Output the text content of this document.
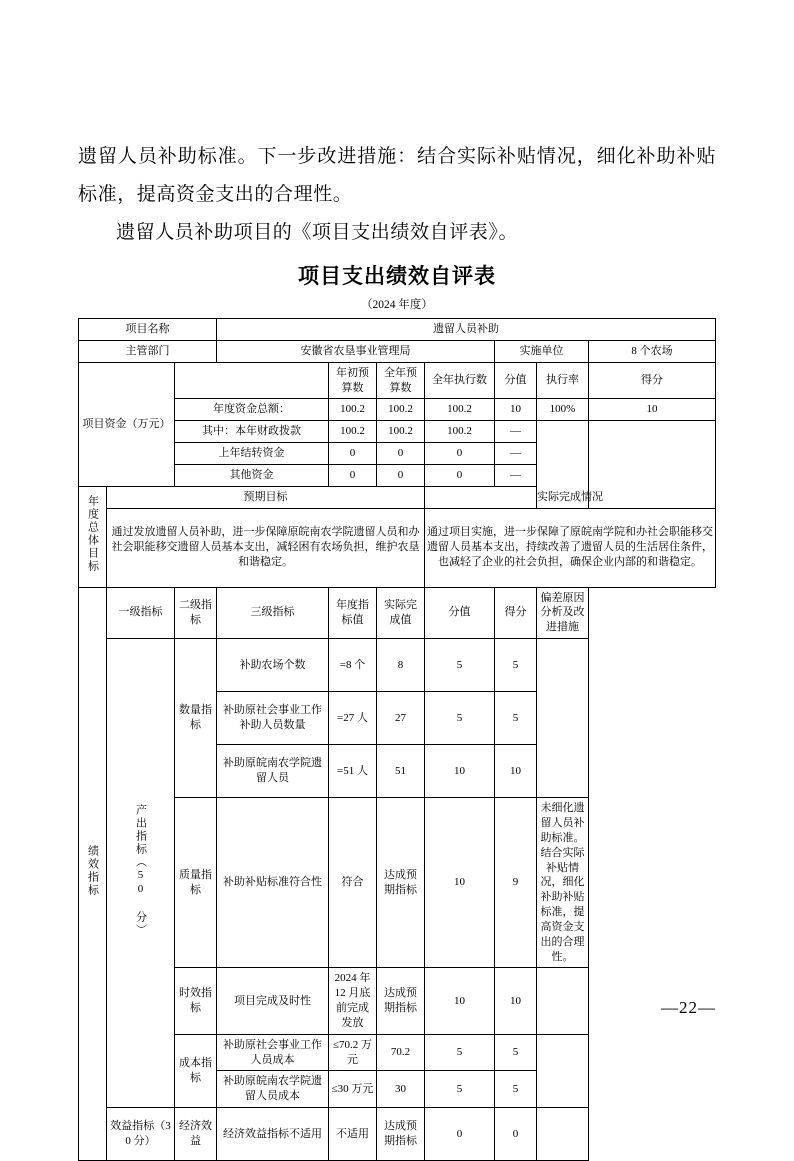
遗留人员补助标准。下一步改进措施：结合实际补贴情况，细化补助补贴标准，提高资金支出的合理性。
遗留人员补助项目的《项目支出绩效自评表》。
项目支出绩效自评表
（2024 年度）
项目名称			遗留人员补助						
主管部门			安徽省农垦事业管理局				实施单位		8 个农场
项目资金（万元）				年初预算数	全年预算数	全年执行数	分值	执行率	得分
		年度资金总额：		100.2	100.2	100.2	10	100%	10
		其中：本年财政拨款		100.2	100.2	100.2	—		
		上年结转资金		0	0	0	—		
		其他资金		0	0	0	—		
年度总体目标	预期目标					实际完成情况			
	通过发放遗留人员补助，进一步保障原皖南农学院遗留人员和办社会职能移交遗留人员基本支出，减轻困有农场负担，维护农垦和谐稳定。					通过项目实施，进一步保障了原皖南学院和办社会职能移交遗留人员基本支出，持续改善了遗留人员的生活居住条件，也减轻了企业的社会负担，确保企业内部的和谐稳定。			
绩效指标	一级指标	二级指标	三级指标	年度指标值	实际完成值	分值	得分	偏差原因分析及改进措施	
	产出指标（50 分）	数量指标	补助农场个数	=8 个	8	5	5		
			补助原社会事业工作补助人员数量	=27 人	27	5	5		
			补助原皖南农学院遗留人员	=51 人	51	10	10		
		质量指标	补助补贴标准符合性	符合	达成预期指标	10	9	未细化遗留人员补助标准。结合实际补贴情况，细化补助补贴标准，提高资金支出的合理性。	
		时效指标	项目完成及时性	2024 年 12 月底前完成发放	达成预期指标	10	10		
		成本指标	补助原社会事业工作人员成本	≤70.2 万元	70.2	5	5		
			补助原皖南农学院遗留人员成本	≤30 万元	30	5	5		
	效益指标（30 分）	经济效益	经济效益指标不适用	不适用	达成预期指标	0	0		
—22—
